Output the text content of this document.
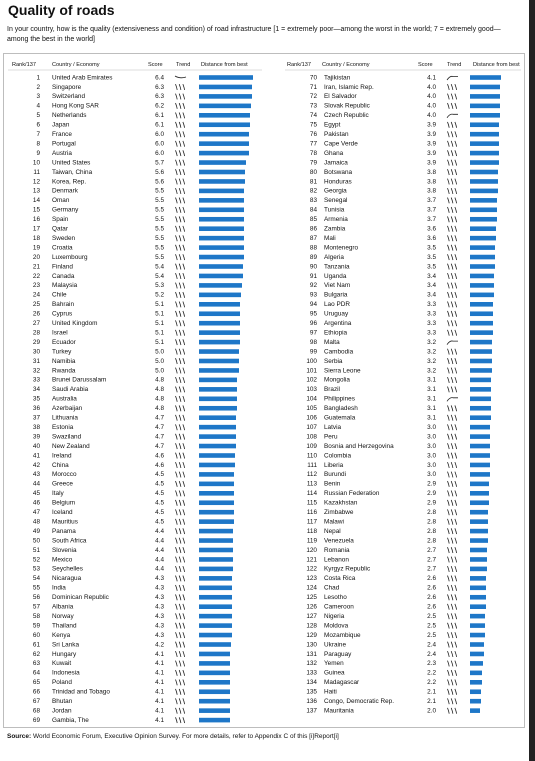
Quality of roads
In your country, how is the quality (extensiveness and condition) of road infrastructure [1 = extremely poor—among the worst in the world; 7 = extremely good—among the best in the world]
Rank/137	Country / Economy	Score Trend Distance from best	Rank/137 Country / Economy	Score	Trend Distance from best
1 United Arab Emirates	6.4
2 Singapore	6.3
3 Switzerland	6.3
4 Hong Kong SAR	6.2
5 Netherlands	6.1
6 Japan	6.1
7 France	6.0
8 Portugal	6.0
9 Austria	6.0
10 United States	5.7
11 Taiwan, China	5.6
12 Korea, Rep.	5.6
13 Denmark	5.5
14 Oman	5.5
15 Germany	5.5
16 Spain	5.5
17 Qatar	5.5
18 Sweden	5.5
19 Croatia	5.5
20 Luxembourg	5.5
21 Finland	5.4
22 Canada	5.4
23 Malaysia	5.3
24 Chile	5.2
25 Bahrain	5.1
26 Cyprus	5.1
27 United Kingdom	5.1
28 Israel	5.1
29 Ecuador	5.1
30 Turkey	5.0
31 Namibia	5.0
32 Rwanda	5.0
33 Brunei Darussalam	4.8
34 Saudi Arabia	4.8
35 Australia	4.8
36 Azerbaijan	4.8
37 Lithuania	4.7
38 Estonia	4.7
39 Swaziland	4.7
40 New Zealand	4.7
41 Ireland	4.6
42 China	4.6
43 Morocco	4.5
44 Greece	4.5
45 Italy	4.5
46 Belgium	4.5
47 Iceland	4.5
48 Mauritius	4.5
49 Panama	4.4
50 South Africa	4.4
51 Slovenia	4.4
52 Mexico	4.4
53 Seychelles	4.4
54 Nicaragua	4.3
55 India	4.3
56 Dominican Republic	4.3
57 Albania	4.3
58 Norway	4.3
59 Thailand	4.3
60 Kenya	4.3
61 Sri Lanka	4.2
62 Hungary	4.1
63 Kuwait	4.1
64 Indonesia	4.1
65 Poland	4.1
66 Trinidad and Tobago	4.1
67 Bhutan	4.1
68 Jordan	4.1
69 Gambia, The	4.1
70 Tajikistan	4.1
71 Iran, Islamic Rep.	4.0
72 El Salvador	4.0
73 Slovak Republic	4.0
74 Czech Republic	4.0
75 Egypt	3.9
76 Pakistan	3.9
77 Cape Verde	3.9
78 Ghana	3.9
79 Jamaica	3.9
80 Botswana	3.8
81 Honduras	3.8
82 Georgia	3.8
83 Senegal	3.7
84 Tunisia	3.7
85 Armenia	3.7
86 Zambia	3.6
87 Mali	3.6
88 Montenegro	3.5
89 Algeria	3.5
90 Tanzania	3.5
91 Uganda	3.4
92 Viet Nam	3.4
93 Bulgaria	3.4
94 Lao PDR	3.3
95 Uruguay	3.3
96 Argentina	3.3
97 Ethiopia	3.3
98 Malta	3.2
99 Cambodia	3.2
100 Serbia	3.2
101 Sierra Leone	3.2
102 Mongolia	3.1
103 Brazil	3.1
104 Philippines	3.1
105 Bangladesh	3.1
106 Guatemala	3.1
107 Latvia	3.0
108 Peru	3.0
109 Bosnia and Herzegovina	3.0
110 Colombia	3.0
111 Liberia	3.0
112 Burundi	3.0
113 Benin	2.9
114 Russian Federation	2.9
115 Kazakhstan	2.9
116 Zimbabwe	2.8
117 Malawi	2.8
118 Nepal	2.8
119 Venezuela	2.8
120 Romania	2.7
121 Lebanon	2.7
122 Kyrgyz Republic	2.7
123 Costa Rica	2.6
124 Chad	2.6
125 Lesotho	2.6
126 Cameroon	2.6
127 Nigeria	2.5
128 Moldova	2.5
129 Mozambique	2.5
130 Ukraine	2.4
131 Paraguay	2.4
132 Yemen	2.3
133 Guinea	2.2
134 Madagascar	2.2
135 Haiti	2.1
136 Congo, Democratic Rep.	2.1
137 Mauritania	2.0
Source: World Economic Forum, Executive Opinion Survey. For more details, refer to Appendix C of this [i]Report[i]
